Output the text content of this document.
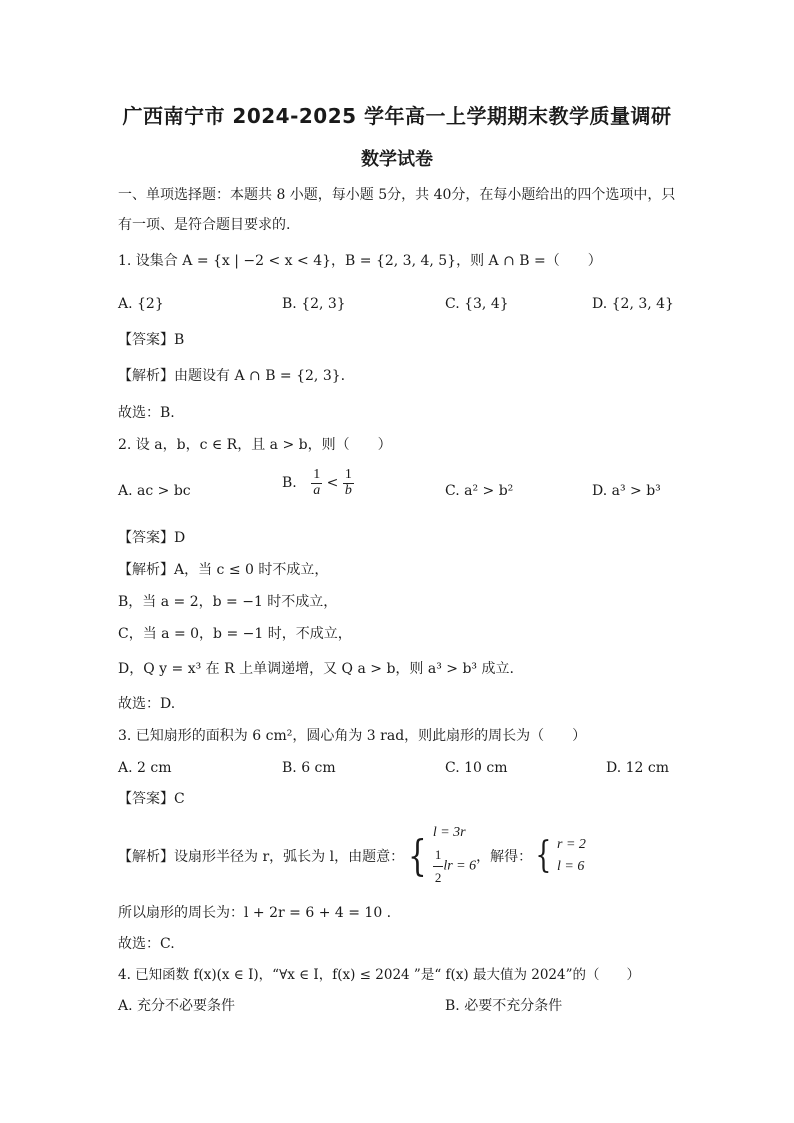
广西南宁市 2024-2025 学年高一上学期期末教学质量调研
数学试卷
一、单项选择题：本题共 8 小题，每小题 5分，共 40分，在每小题给出的四个选项中，只
有一项、是符合题目要求的.
1. 设集合 A = {x | −2 < x < 4}，B = {2, 3, 4, 5}，则 A ∩ B =（　　）
A. {2}	B. {2, 3}	C. {3, 4}	D. {2, 3, 4}
【答案】B
【解析】由题设有 A ∩ B = {2, 3}.
故选：B.
2. 设 a，b，c ∈ R，且 a > b，则（　　）
A. ac > bc	B. $\frac{1}{a} < \frac{1}{b}$	C. a² > b²	D. a³ > b³
【答案】D
【解析】A，当 c ≤ 0 时不成立，
B，当 a = 2，b = −1 时不成立，
C，当 a = 0，b = −1 时，不成立，
D，Q y = x³ 在 R 上单调递增，又 Q a > b，则 a³ > b³ 成立.
故选：D.
3. 已知扇形的面积为 6 cm²，圆心角为 3 rad，则此扇形的周长为（　　）
A. 2 cm	B. 6 cm	C. 10 cm	D. 12 cm
【答案】C
【解析】设扇形半径为 r，弧长为 l，由题意： { l = 3r
$\frac{1}{2}$ lr = 6
，解得： { r = 2
l = 6
所以扇形的周长为：l + 2r = 6 + 4 = 10 .
故选：C.
4. 已知函数 f(x)(x ∈ I)，“∀x ∈ I，f(x) ≤ 2024 ”是“ f(x) 最大值为 2024”的（　　）
A. 充分不必要条件	B. 必要不充分条件
